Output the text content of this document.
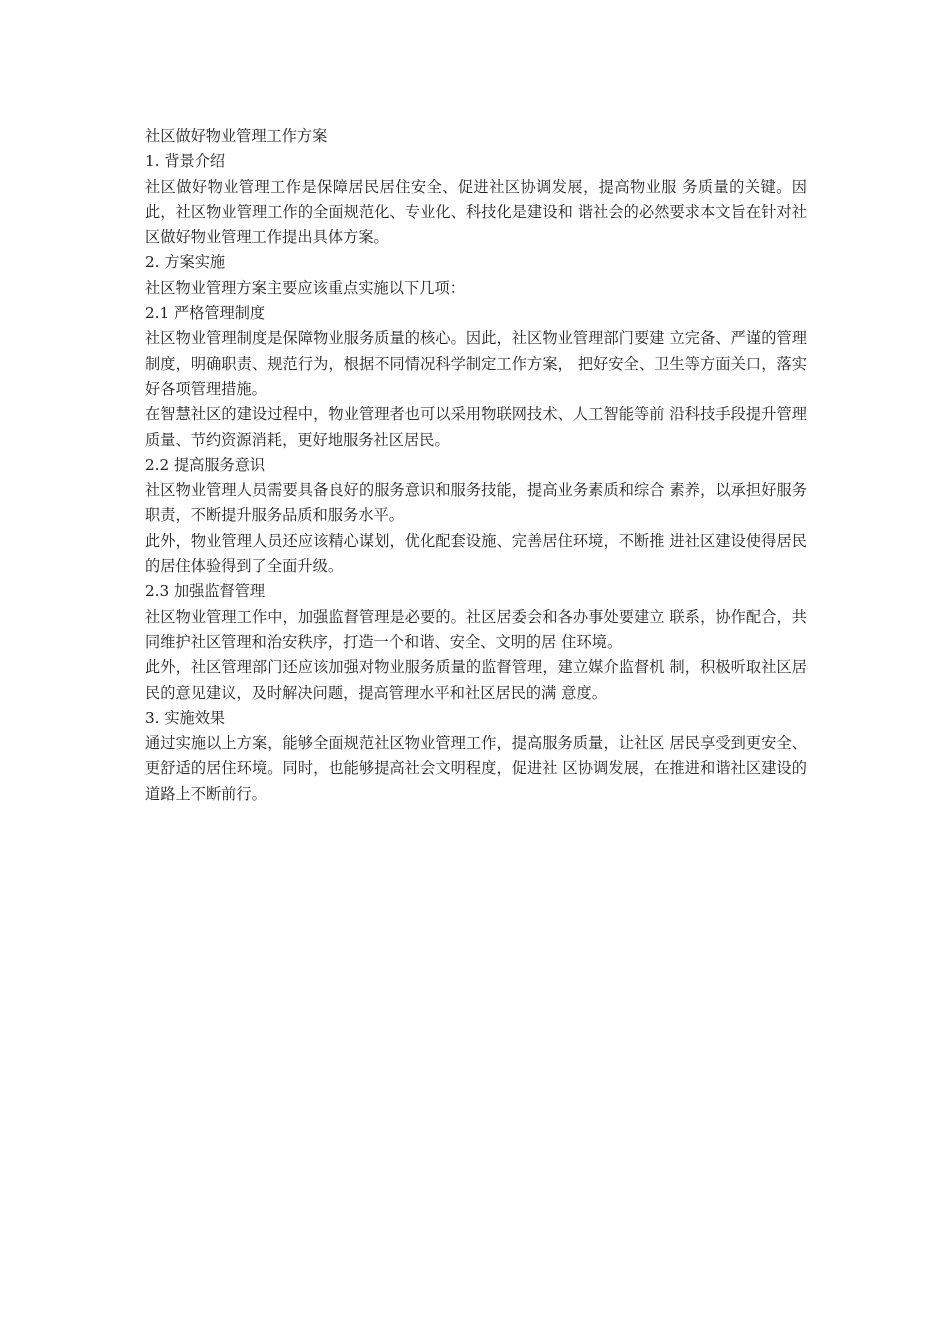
社区做好物业管理工作方案

1. 背景介绍

社区做好物业管理工作是保障居民居住安全、促进社区协调发展，提高物业服 务质量的关键。因此，社区物业管理工作的全面规范化、专业化、科技化是建设和 谐社会的必然要求本文旨在针对社区做好物业管理工作提出具体方案。

2. 方案实施

社区物业管理方案主要应该重点实施以下几项：

2.1 严格管理制度

社区物业管理制度是保障物业服务质量的核心。因此，社区物业管理部门要建 立完备、严谨的管理制度，明确职责、规范行为，根据不同情况科学制定工作方案， 把好安全、卫生等方面关口，落实好各项管理措施。

在智慧社区的建设过程中，物业管理者也可以采用物联网技术、人工智能等前 沿科技手段提升管理质量、节约资源消耗，更好地服务社区居民。

2.2 提高服务意识

社区物业管理人员需要具备良好的服务意识和服务技能，提高业务素质和综合 素养，以承担好服务职责，不断提升服务品质和服务水平。

此外，物业管理人员还应该精心谋划，优化配套设施、完善居住环境，不断推 进社区建设使得居民的居住体验得到了全面升级。

2.3 加强监督管理

社区物业管理工作中，加强监督管理是必要的。社区居委会和各办事处要建立 联系，协作配合，共同维护社区管理和治安秩序，打造一个和谐、安全、文明的居 住环境。

此外，社区管理部门还应该加强对物业服务质量的监督管理，建立媒介监督机 制，积极听取社区居民的意见建议，及时解决问题，提高管理水平和社区居民的满 意度。

3. 实施效果

通过实施以上方案，能够全面规范社区物业管理工作，提高服务质量，让社区 居民享受到更安全、更舒适的居住环境。同时，也能够提高社会文明程度，促进社 区协调发展，在推进和谐社区建设的道路上不断前行。
